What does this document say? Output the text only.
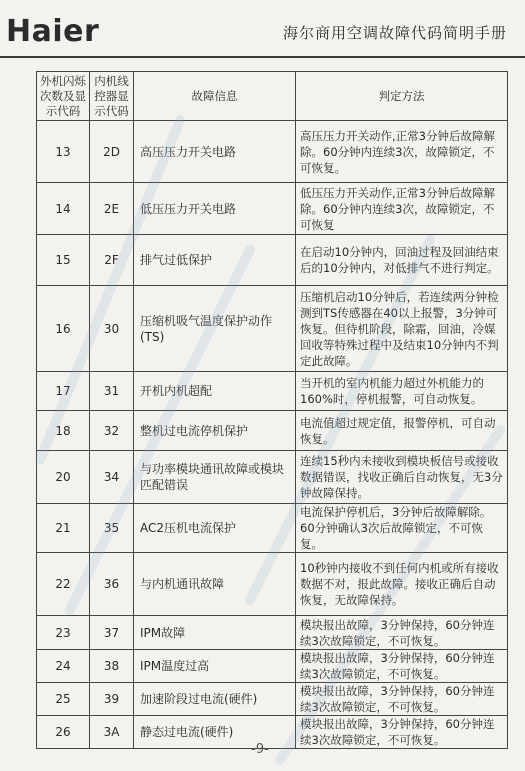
Haier	海尔商用空调故障代码简明手册
外机闪烁次数及显示代码	内机线控器显示代码	故障信息	判定方法
13	2D	高压压力开关电路	高压压力开关动作,正常3分钟后故障解除。60分钟内连续3次，故障锁定，不可恢复。
14	2E	低压压力开关电路	低压压力开关动作,正常3分钟后故障解除。60分钟内连续3次，故障锁定，不可恢复
15	2F	排气过低保护	在启动10分钟内，回油过程及回油结束后的10分钟内，对低排气不进行判定。
16	30	压缩机吸气温度保护动作(TS)	压缩机启动10分钟后，若连续两分钟检测到TS传感器在40以上报警，3分钟可恢复。但待机阶段，除霜，回油，冷媒回收等特殊过程中及结束10分钟内不判定此故障。
17	31	开机内机超配	当开机的室内机能力超过外机能力的160%时，停机报警，可自动恢复。
18	32	整机过电流停机保护	电流值超过规定值，报警停机，可自动恢复。
20	34	与功率模块通讯故障或模块匹配错误	连续15秒内未接收到模块板信号或接收数据错误，找收正确后自动恢复，无3分钟故障保持。
21	35	AC2压机电流保护	电流保护停机后，3分钟后故障解除。60分钟确认3次后故障锁定，不可恢复。
22	36	与内机通讯故障	10秒钟内接收不到任何内机或所有接收数据不对，报此故障。接收正确后自动恢复，无故障保持。
23	37	IPM故障	模块报出故障，3分钟保持，60分钟连续3次故障锁定，不可恢复。
24	38	IPM温度过高	模块报出故障，3分钟保持，60分钟连续3次故障锁定，不可恢复。
25	39	加速阶段过电流(硬件)	模块报出故障，3分钟保持，60分钟连续3次故障锁定，不可恢复。
26	3A	静态过电流(硬件)	模块报出故障，3分钟保持，60分钟连续3次故障锁定，不可恢复。
-9-
